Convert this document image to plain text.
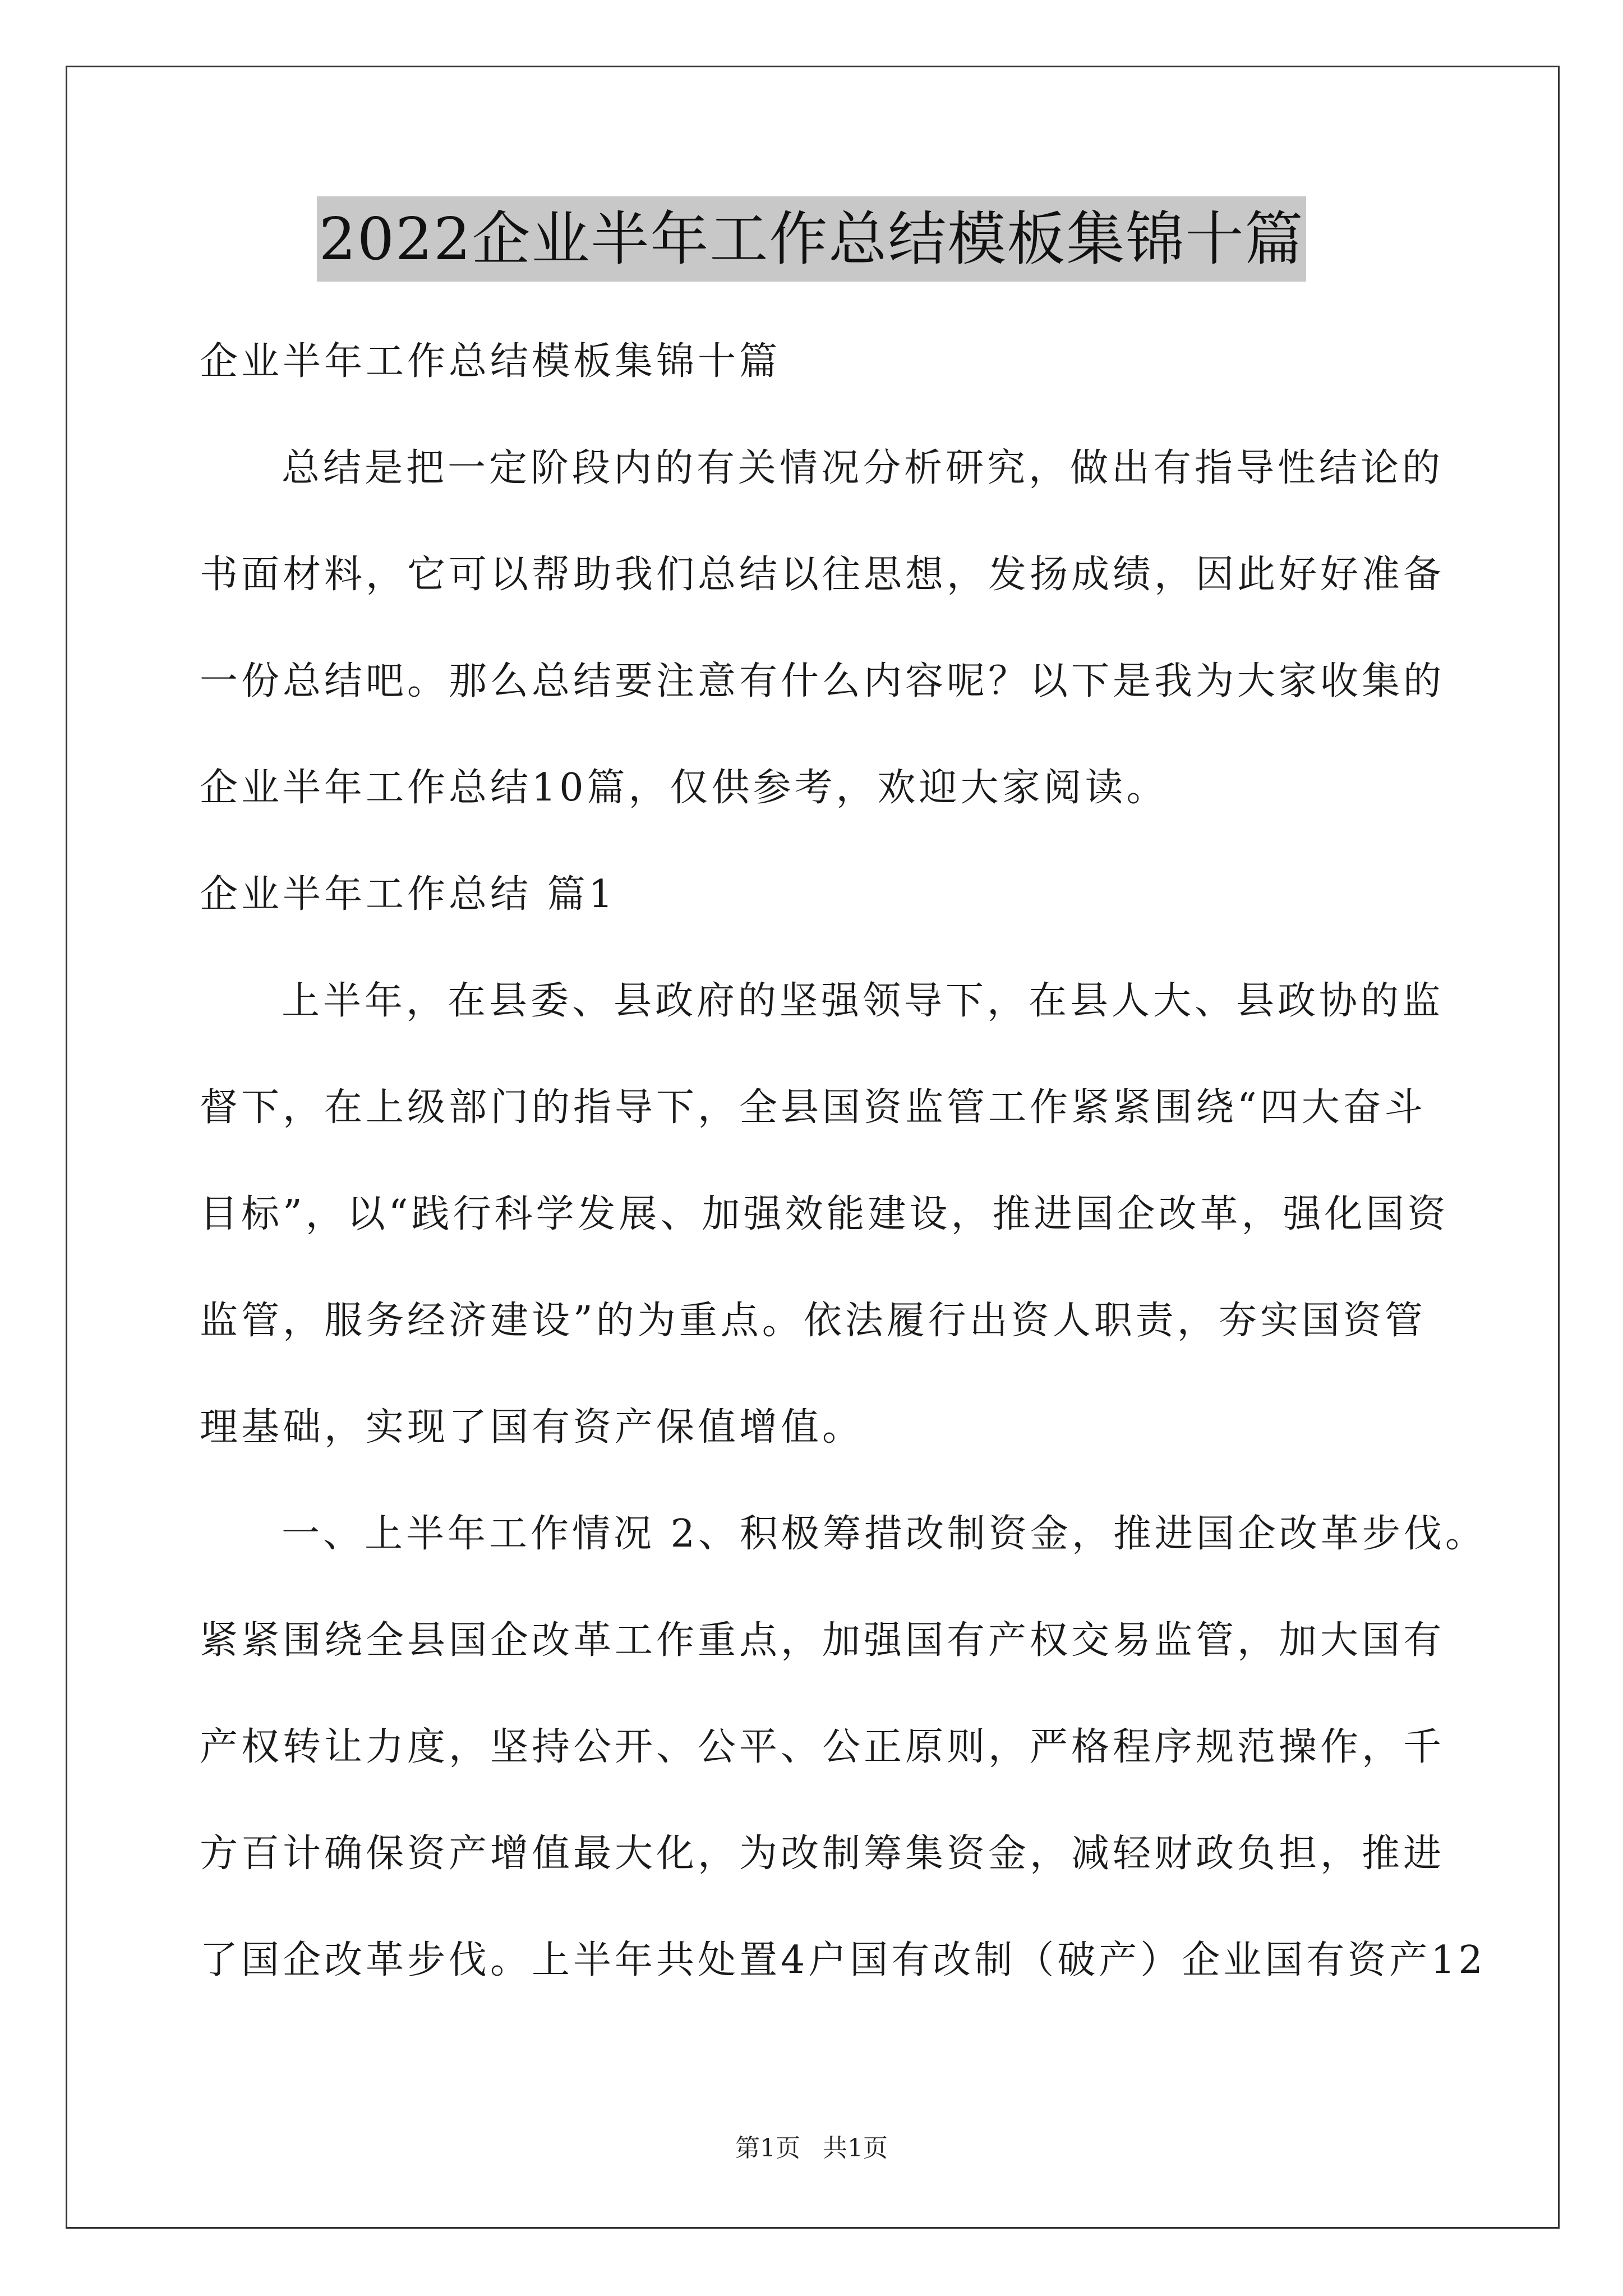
2022企业半年工作总结模板集锦十篇
企业半年工作总结模板集锦十篇
总结是把一定阶段内的有关情况分析研究，做出有指导性结论的
书面材料，它可以帮助我们总结以往思想，发扬成绩，因此好好准备
一份总结吧。那么总结要注意有什么内容呢？以下是我为大家收集的
企业半年工作总结10篇，仅供参考，欢迎大家阅读。
企业半年工作总结 篇1
上半年，在县委、县政府的坚强领导下，在县人大、县政协的监
督下，在上级部门的指导下，全县国资监管工作紧紧围绕“四大奋斗
目标”，以“践行科学发展、加强效能建设，推进国企改革，强化国资
监管，服务经济建设”的为重点。依法履行出资人职责，夯实国资管
理基础，实现了国有资产保值增值。
一、上半年工作情况 2、积极筹措改制资金，推进国企改革步伐。
紧紧围绕全县国企改革工作重点，加强国有产权交易监管，加大国有
产权转让力度，坚持公开、公平、公正原则，严格程序规范操作，千
方百计确保资产增值最大化，为改制筹集资金，减轻财政负担，推进
了国企改革步伐。上半年共处置4户国有改制（破产）企业国有资产12
第1页 共1页
